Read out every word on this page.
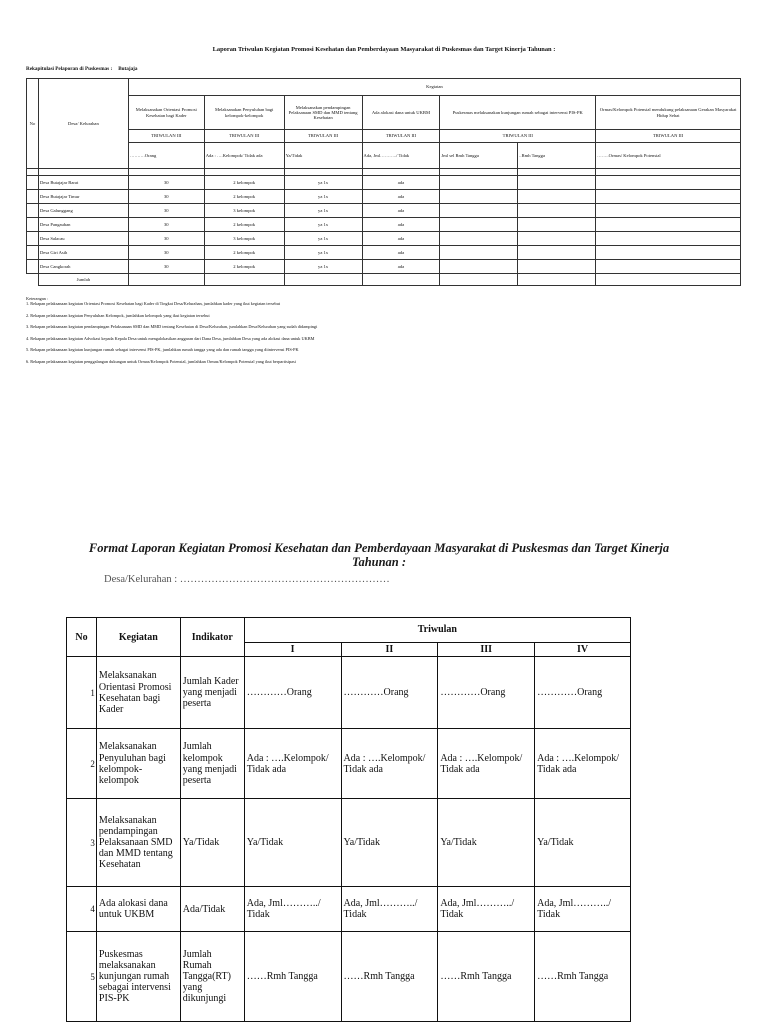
Laporan Triwulan Kegiatan Promosi Kesehatan dan Pemberdayaan Masyarakat di Puskesmas dan Target Kinerja Tahunan :
Rekapitulasi Pelaporan di Puskesmas : Butajaja
No	Desa/ Kelurahan	Kegiatan						
		Melaksanakan Orientasi Promosi Kesehatan bagi Kader	Melaksanakan Penyuluhan bagi kelompok-kelompok	Melaksanakan pendampingan Pelaksanaan SMD dan MMD tentang Kesehatan	Ada alokasi dana untuk UKBM	Puskesmas melaksanakan kunjungan rumah sebagai intervensi PIS-PK		Ormas/Kelompok Potensial mendukung pelaksanaan Gerakan Masyarakat Hidup Sehat
		TRIWULAN III	TRIWULAN III	TRIWULAN III	TRIWULAN III	TRIWULAN III		TRIWULAN III
		……….Orang	Ada : ….Kelompok/ Tidak ada	Ya/Tidak	Ada, Jml………../ Tidak	Jml sel Rmh Tangga	..Rmh Tangga	……..Ormas/ Kelompok Potensial

	Desa Butajajar Barat	30	2 kelompok	ya 1x	ada			
	Desa Butajajar Timur	30	2 kelompok	ya 1x	ada			
	Desa Galunggang	30	3 kelompok	ya 1x	ada			
	Desa Pangauban	30	2 kelompok	ya 1x	ada			
	Desa Salacau	30	3 kelompok	ya 1x	ada			
	Desa Giri Asih	30	2 kelompok	ya 1x	ada			
	Desa Cangkorah	30	2 kelompok	ya 1x	ada			
	Jumlah							
Keterangan :
1. Rekapan pelaksanaan kegiatan Orientasi Promosi Kesehatan bagi Kader di Tingkat Desa/Kelurahan, jumlahkan kader yang ikut kegiatan tersebut
2. Rekapan pelaksanaan kegiatan Penyuluhan Kelompok, jumlahkan kelompok yang ikut kegiatan tersebut
3. Rekapan pelaksanaan kegiatan pendampingan Pelaksanaan SMD dan MMD tentang Kesehatan di Desa/Kelurahan, jumlahkan Desa/Kelurahan yang sudah didampingi
4. Rekapan pelaksanaan kegiatan Advokasi kepada Kepala Desa untuk mengalokasikan anggaran dari Dana Desa, jumlahkan Desa yang ada alokasi dana untuk UKBM
5. Rekapan pelaksanaan kegiatan kunjungan rumah sebagai intervensi PIS-PK, jumlahkan rumah tangga yang ada dan rumah tangga yang diintervensi PIS-PK
6. Rekapan pelaksanaan kegiatan penggalangan dukungan untuk Ormas/Kelompok Potensial, jumlahkan Ormas/Kelompok Potensial yang ikut berpartisipasi
Format Laporan Kegiatan Promosi Kesehatan dan Pemberdayaan Masyarakat di Puskesmas dan Target Kinerja Tahunan :
Desa/Kelurahan : ……………………………………………………
No	Kegiatan	Indikator	Triwulan			
			I	II	III	IV
1	Melaksanakan Orientasi Promosi Kesehatan bagi Kader	Jumlah Kader yang menjadi peserta	…………Orang	…………Orang	…………Orang	…………Orang
2	Melaksanakan Penyuluhan bagi kelompok-kelompok	Jumlah kelompok yang menjadi peserta	Ada : ….Kelompok/ Tidak ada	Ada : ….Kelompok/ Tidak ada	Ada : ….Kelompok/ Tidak ada	Ada : ….Kelompok/ Tidak ada
3	Melaksanakan pendampingan Pelaksanaan SMD dan MMD tentang Kesehatan	Ya/Tidak	Ya/Tidak	Ya/Tidak	Ya/Tidak	Ya/Tidak
4	Ada alokasi dana untuk UKBM	Ada/Tidak	Ada, Jml………../ Tidak	Ada, Jml………../ Tidak	Ada, Jml………../ Tidak	Ada, Jml………../ Tidak
5	Puskesmas melaksanakan kunjungan rumah sebagai intervensi PIS-PK	Jumlah Rumah Tangga(RT) yang dikunjungi	……Rmh Tangga	……Rmh Tangga	……Rmh Tangga	……Rmh Tangga
